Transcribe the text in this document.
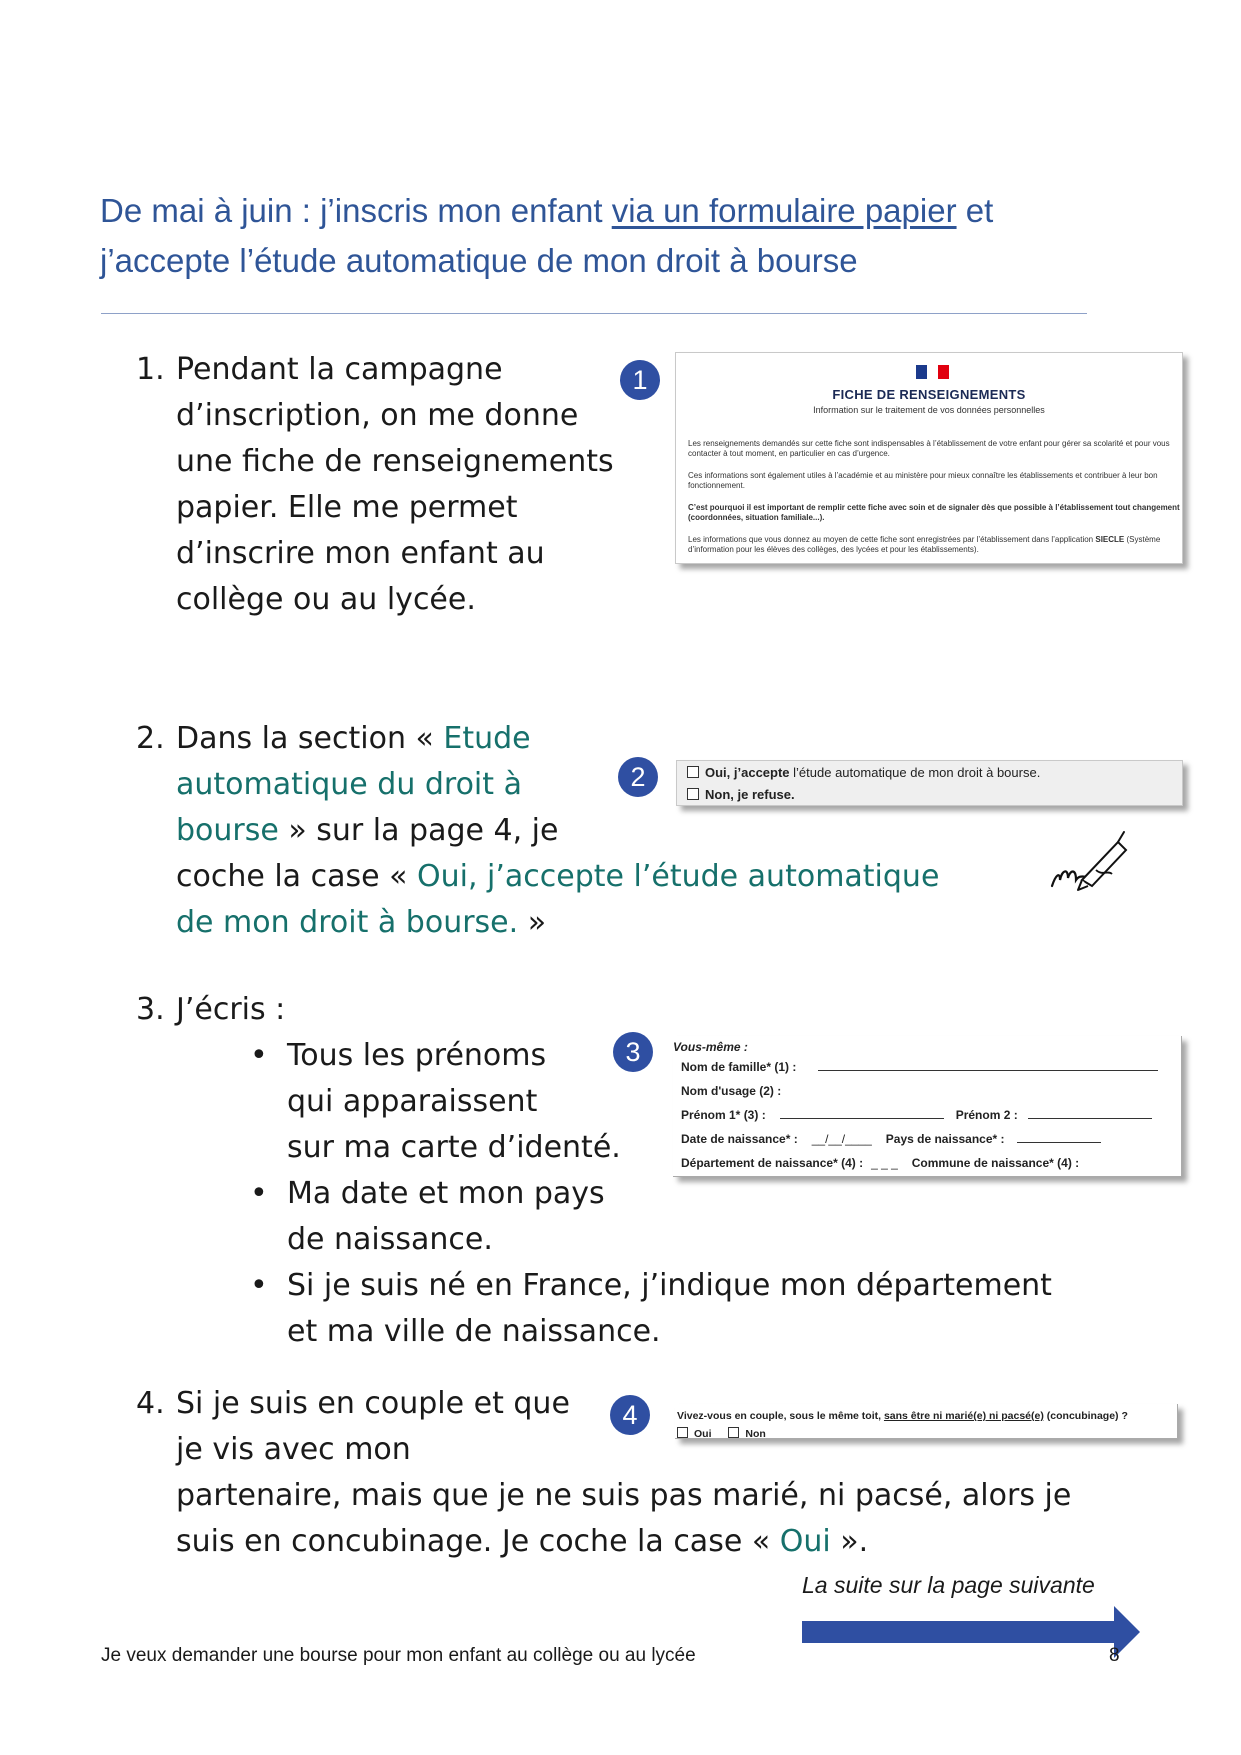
De mai à juin : j’inscris mon enfant via un formulaire papier et j’accepte l’étude automatique de mon droit à bourse
1. Pendant la campagne
d’inscription, on me donne
une fiche de renseignements
papier. Elle me permet
d’inscrire mon enfant au
collège ou au lycée.
1	FICHE DE RENSEIGNEMENTS
Information sur le traitement de vos données personnelles
Les renseignements demandés sur cette fiche sont indispensables à l’établissement de votre enfant pour gérer sa scolarité et pour vous contacter à tout moment, en particulier en cas d’urgence.
Ces informations sont également utiles à l’académie et au ministère pour mieux connaître les établissements et contribuer à leur bon fonctionnement.
C’est pourquoi il est important de remplir cette fiche avec soin et de signaler dès que possible à l’établissement tout changement (coordonnées, situation familiale...).
Les informations que vous donnez au moyen de cette fiche sont enregistrées par l’établissement dans l’application SIECLE (Système d’information pour les élèves des collèges, des lycées et pour les établissements).
2. Dans la section « Etude
automatique du droit à
bourse » sur la page 4, je
coche la case « Oui, j’accepte l’étude automatique
de mon droit à bourse. »
2	Oui, j’accepte l’étude automatique de mon droit à bourse.
Non, je refuse.
3. J’écris :
• Tous les prénoms
qui apparaissent
sur ma carte d’identé.
• Ma date et mon pays
de naissance.
• Si je suis né en France, j’indique mon département
et ma ville de naissance.
3	Vous-même :
Nom de famille* (1) :
Nom d'usage (2) :
Prénom 1* (3) :	Prénom 2 :
Date de naissance* : __/__/____ Pays de naissance* :
Département de naissance* (4) : _ _ _ Commune de naissance* (4) :
4. Si je suis en couple et que
je vis avec mon
partenaire, mais que je ne suis pas marié, ni pacsé, alors je
suis en concubinage. Je coche la case « Oui ».
4	Vivez-vous en couple, sous le même toit, sans être ni marié(e) ni pacsé(e) (concubinage) ?
Oui	Non
La suite sur la page suivante
Je veux demander une bourse pour mon enfant au collège ou au lycée	8
